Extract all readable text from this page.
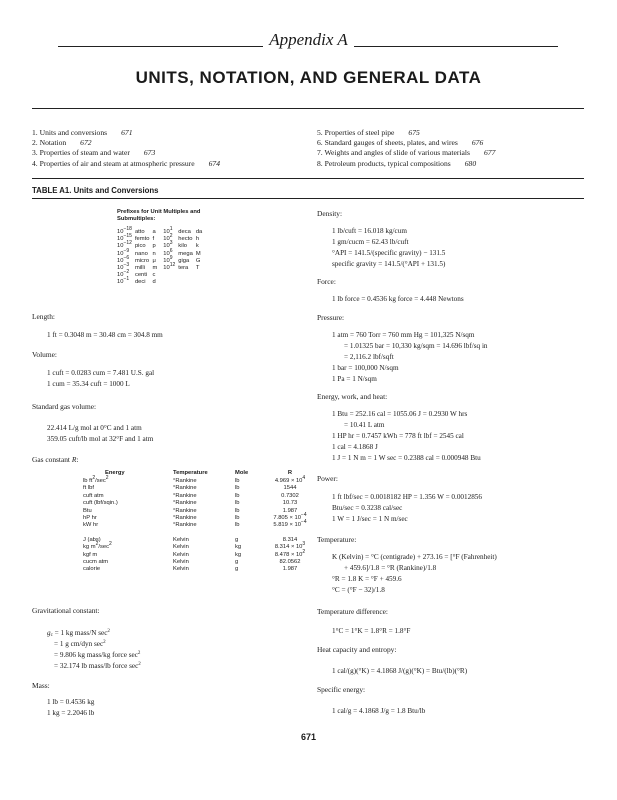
Appendix A
UNITS, NOTATION, AND GENERAL DATA
1. Units and conversions 671
2. Notation 672
3. Properties of steam and water 673
4. Properties of air and steam at atmospheric pressure 674
5. Properties of steel pipe 675
6. Standard gauges of sheets, plates, and wires 676
7. Weights and angles of slide of various materials 677
8. Petroleum products, typical compositions 680
TABLE A1. Units and Conversions
Prefixes for Unit Multiples and
Submultiples:
$10^{-18}$	atto	a	$10^1$	deca	da
$10^{-15}$	femto	f	$10^2$	hecto	h
$10^{-12}$	pico	p	$10^3$	kilo	k
$10^{-9}$	nano	n	$10^6$	mega	M
$10^{-6}$	micro	μ	$10^9$	giga	G
$10^{-3}$	milli	m	$10^{12}$	tera	T
$10^{-2}$	centi	c			
$10^{-1}$	deci	d			
Length:
1 ft = 0.3048 m = 30.48 cm = 304.8 mm
Volume:
1 cuft = 0.0283 cum = 7.481 U.S. gal
1 cum = 35.34 cuft = 1000 L
Standard gas volume:
22.414 L/g mol at 0°C and 1 atm
359.05 cuft/lb mol at 32°F and 1 atm
Gas constant R:
Energy	Temperature	Mole	R
lb $ft^2/\sec^2$	°Rankine	lb	$4.969 \times 10^4$
ft lbf	°Rankine	lb	1544
cuft atm	°Rankine	lb	0.7302
cuft (lbf/sqin.)	°Rankine	lb	10.73
Btu	°Rankine	lb	1.987
hP hr	°Rankine	lb	$7.805 \times 10^{-4}$
kW hr	°Rankine	lb	$5.819 \times 10^{-4}$

J (abs)	Kelvin	g	8.314
kg $m^2/\sec^2$	Kelvin	kg	$8.314 \times 10^3$
kgf m	Kelvin	kg	$8.478 \times 10^2$
cucm atm	Kelvin	g	82.0562
calorie	Kelvin	g	1.987
Gravitational constant:
$g_c = 1$ kg mass/N $\sec^2$
= 1 g cm/dyn $\sec^2$
= 9.806 kg mass/kg force $\sec^2$
= 32.174 lb mass/lb force $\sec^2$
Mass:
1 lb = 0.4536 kg
1 kg = 2.2046 lb
Density:
1 lb/cuft = 16.018 kg/cum
1 gm/cucm = 62.43 lb/cuft
°API = 141.5/(specific gravity) − 131.5
specific gravity = 141.5/(°API + 131.5)
Force:
1 lb force = 0.4536 kg force = 4.448 Newtons
Pressure:
1 atm = 760 Torr = 760 mm Hg = 101,325 N/sqm
= 1.01325 bar = 10,330 kg/sqm = 14.696 lbf/sq in
= 2,116.2 lbf/sqft
1 bar = 100,000 N/sqm
1 Pa = 1 N/sqm
Energy, work, and heat:
1 Btu = 252.16 cal = 1055.06 J = 0.2930 W hrs
= 10.41 L atm
1 HP hr = 0.7457 kWh = 778 ft lbf = 2545 cal
1 cal = 4.1868 J
1 J = 1 N m = 1 W sec = 0.2388 cal = 0.000948 Btu
Power:
1 ft lbf/sec = 0.0018182 HP = 1.356 W = 0.0012856
Btu/sec = 0.3238 cal/sec
1 W = 1 J/sec = 1 N m/sec
Temperature:
K (Kelvin) = °C (centigrade) + 273.16 = [°F (Fahrenheit)
+ 459.6]/1.8 = °R (Rankine)/1.8
°R = 1.8 K = °F + 459.6
°C = (°F − 32)/1.8
Temperature difference:
1°C = 1°K = 1.8°R = 1.8°F
Heat capacity and entropy:
1 cal/(g)(°K) = 4.1868 J/(g)(°K) = Btu/(lb)(°R)
Specific energy:
1 cal/g = 4.1868 J/g = 1.8 Btu/lb
671
